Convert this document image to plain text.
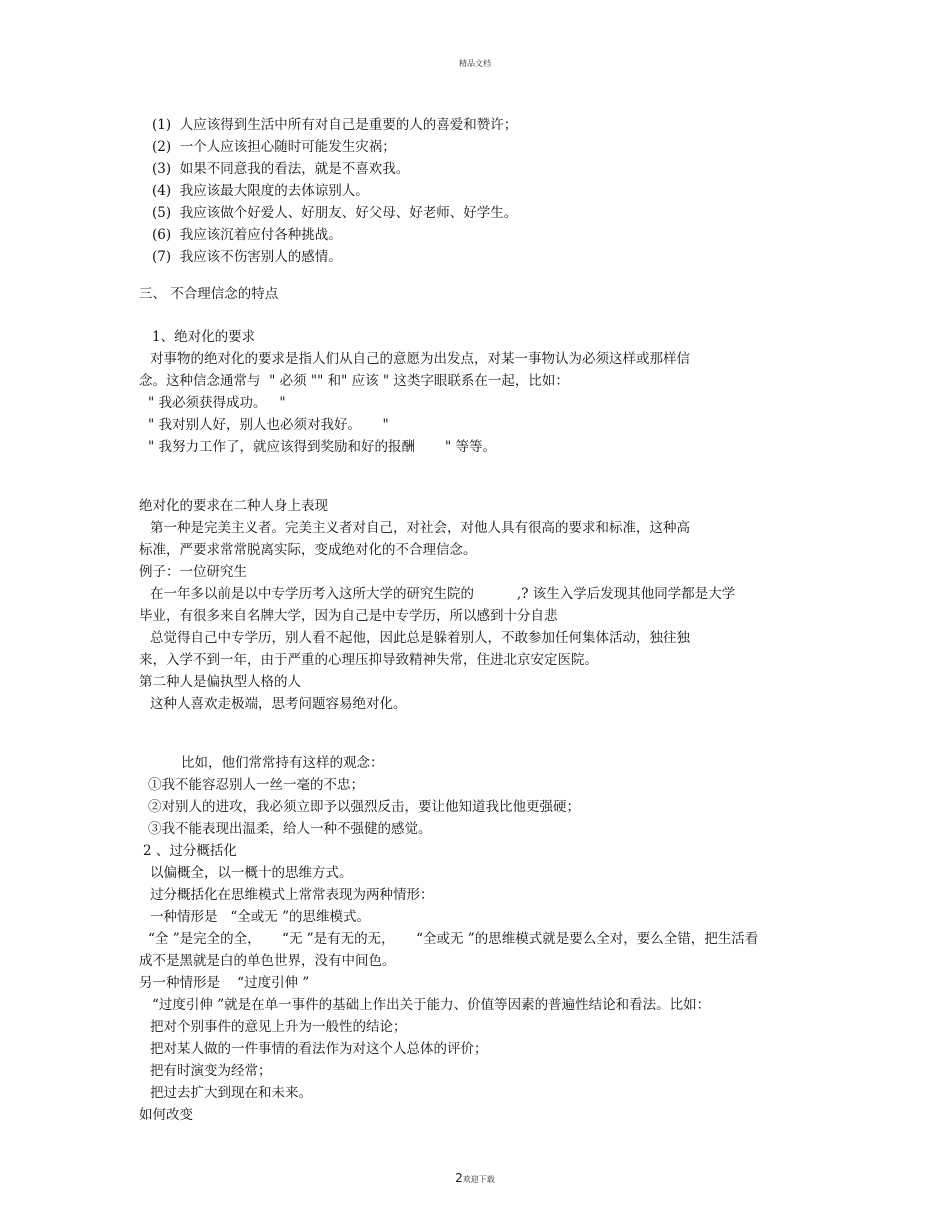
精品文档
(1)  人应该得到生活中所有对自己是重要的人的喜爱和赞许；
(2)  一个人应该担心随时可能发生灾祸；
(3)  如果不同意我的看法，就是不喜欢我。
(4)  我应该最大限度的去体谅别人。
(5)  我应该做个好爱人、好朋友、好父母、好老师、好学生。
(6)  我应该沉着应付各种挑战。
(7)  我应该不伤害别人的感情。
三、 不合理信念的特点
1、绝对化的要求
对事物的绝对化的要求是指人们从自己的意愿为出发点，对某一事物认为必须这样或那样信
念。这种信念通常与  " 必须 "" 和" 应该 " 这类字眼联系在一起，比如：
" 我必须获得成功。   "
" 我对别人好，别人也必须对我好。     "
" 我努力工作了，就应该得到奖励和好的报酬       " 等等。
绝对化的要求在二种人身上表现
第一种是完美主义者。完美主义者对自己，对社会，对他人具有很高的要求和标准，这种高
标准，严要求常常脱离实际，变成绝对化的不合理信念。
例子：一位研究生
在一年多以前是以中专学历考入这所大学的研究生院的          ,? 该生入学后发现其他同学都是大学
毕业，有很多来自名牌大学，因为自己是中专学历，所以感到十分自悲
总觉得自己中专学历，别人看不起他，因此总是躲着别人，不敢参加任何集体活动，独往独
来，入学不到一年，由于严重的心理压抑导致精神失常，住进北京安定医院。
第二种人是偏执型人格的人
这种人喜欢走极端，思考问题容易绝对化。
比如，他们常常持有这样的观念：
①我不能容忍别人一丝一毫的不忠；
②对别人的进攻，我必须立即予以强烈反击，要让他知道我比他更强硬；
③我不能表现出温柔，给人一种不强健的感觉。
2 、过分概括化
以偏概全，以一概十的思维方式。
过分概括化在思维模式上常常表现为两种情形：
一种情形是   “全或无 ”的思维模式。
“全 ”是完全的全，     “无 ”是有无的无，     “全或无 ”的思维模式就是要么全对，要么全错，把生活看
成不是黑就是白的单色世界，没有中间色。
另一种情形是    “过度引伸 ”
“过度引伸 ”就是在单一事件的基础上作出关于能力、价值等因素的普遍性结论和看法。比如：
把对个别事件的意见上升为一般性的结论；
把对某人做的一件事情的看法作为对这个人总体的评价；
把有时演变为经常；
把过去扩大到现在和未来。
如何改变
2欢迎下载
